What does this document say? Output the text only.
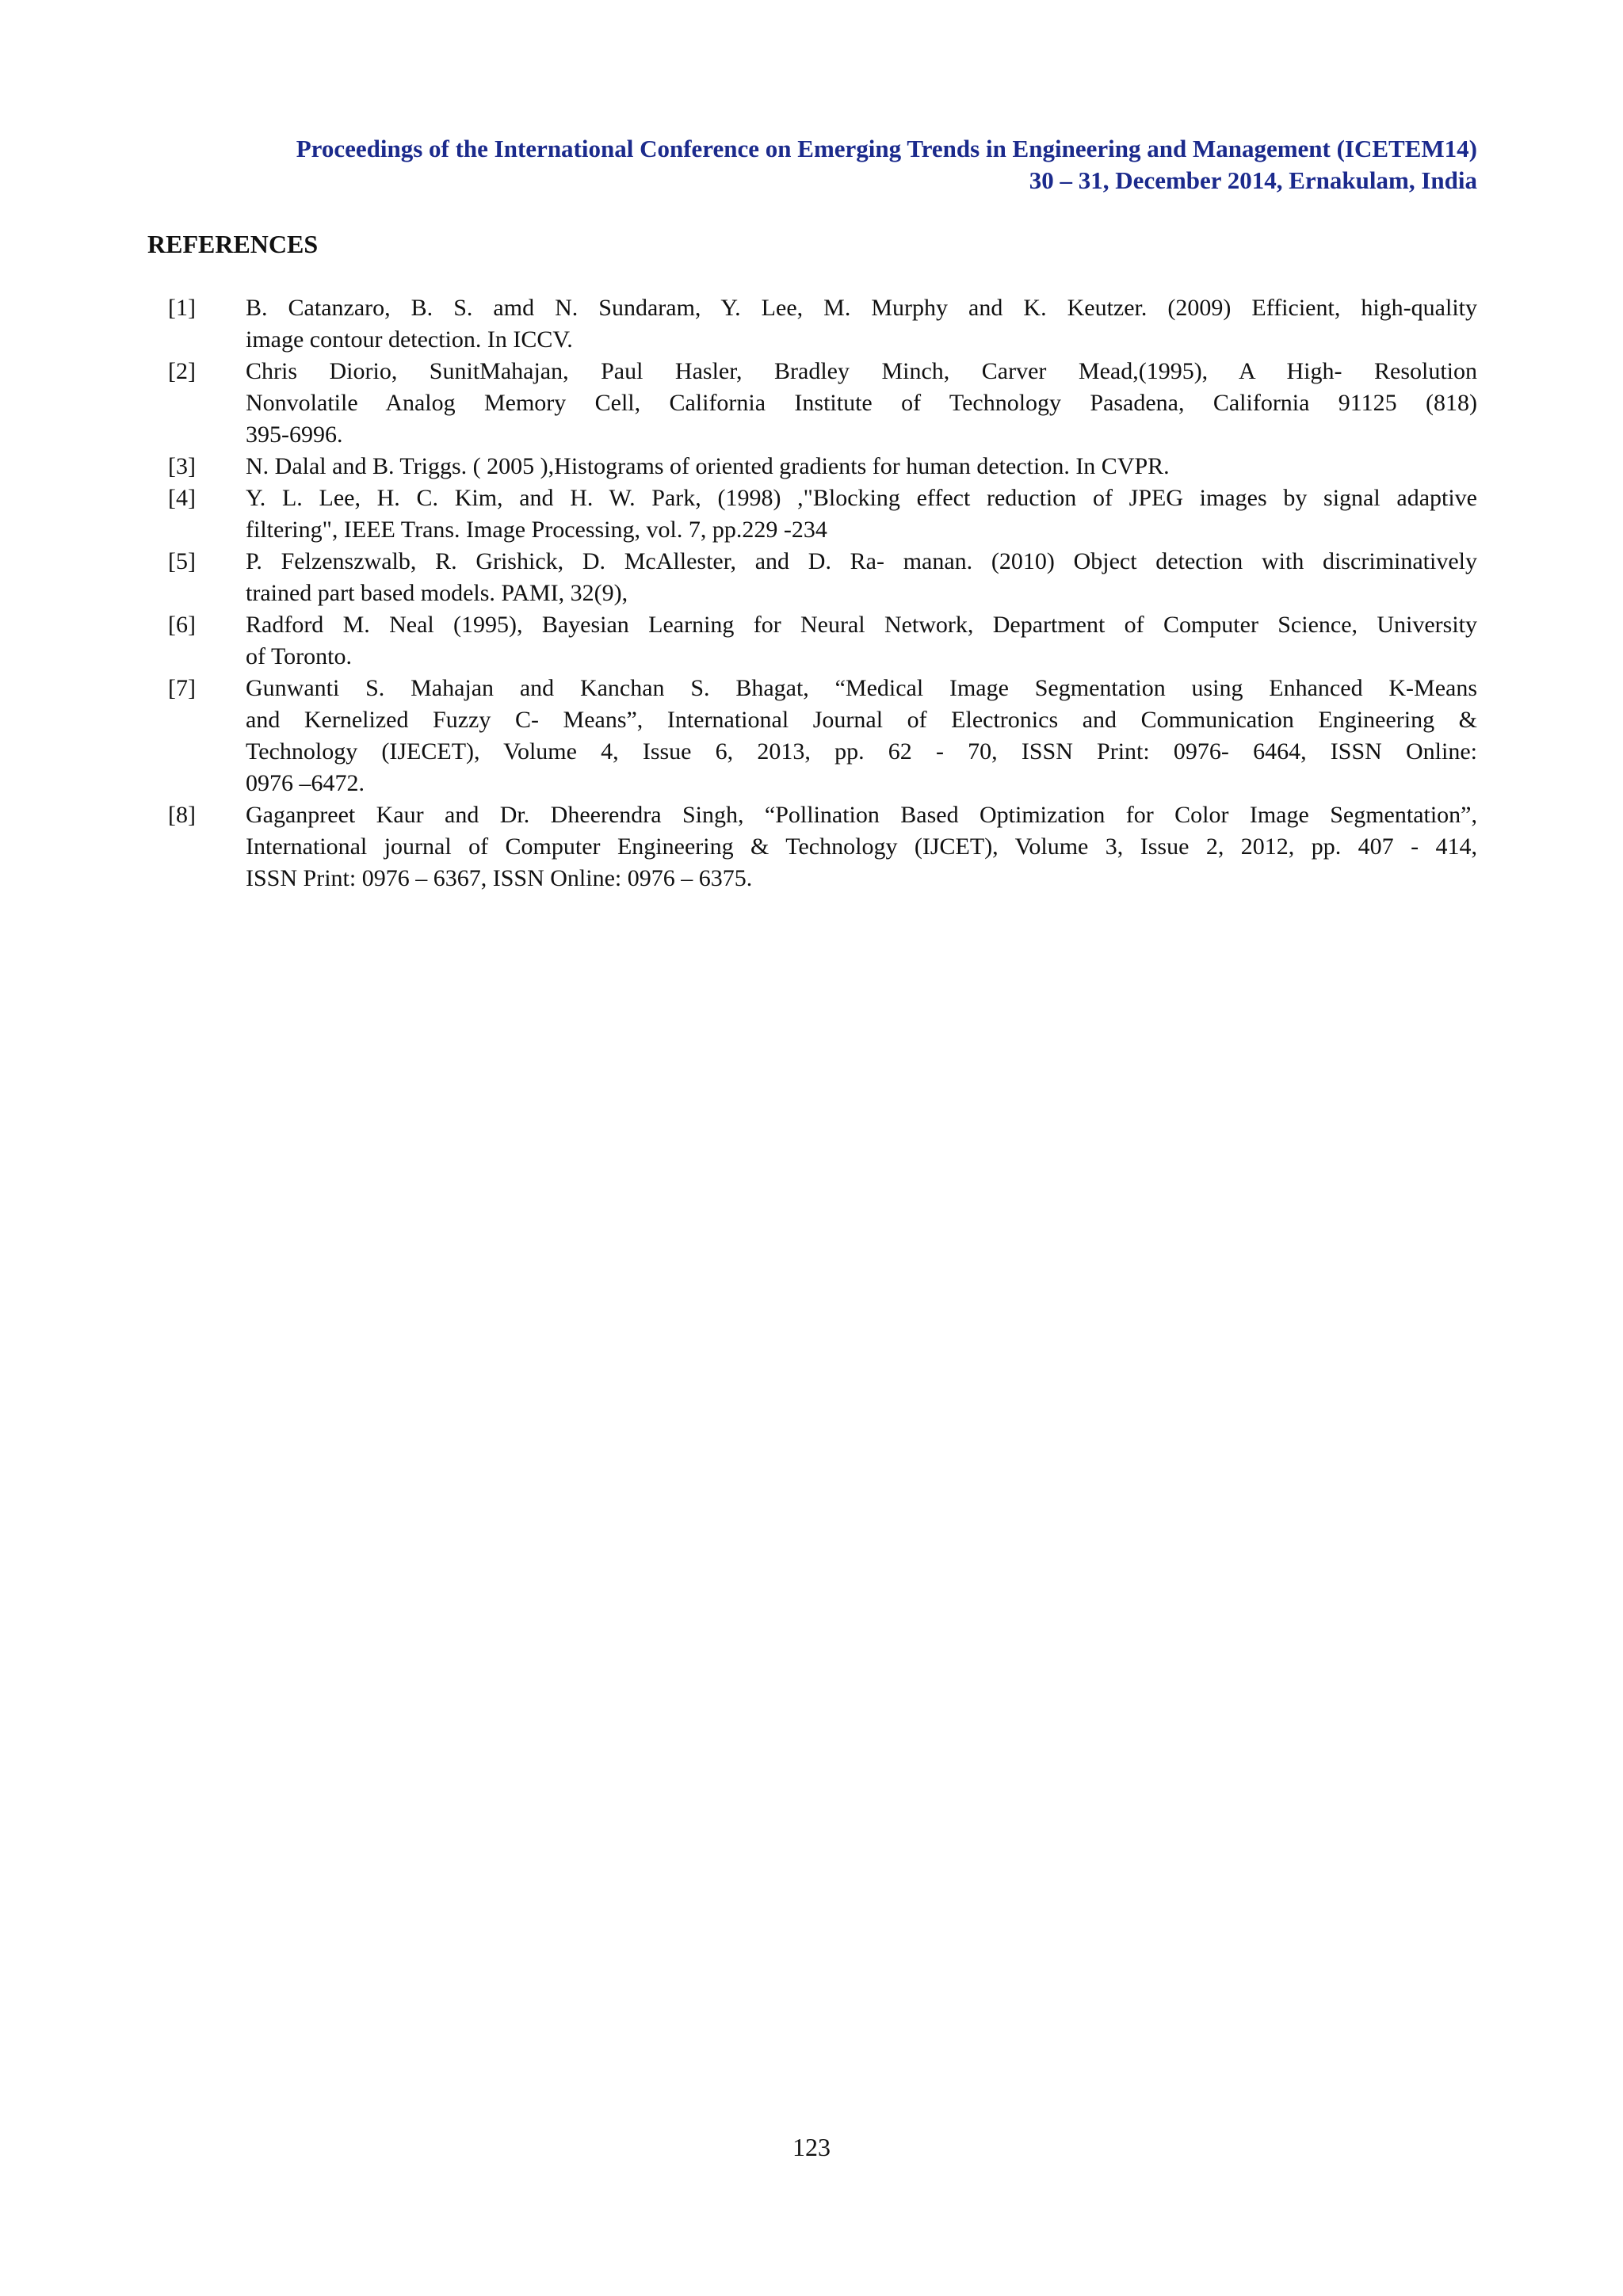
Proceedings of the International Conference on Emerging Trends in Engineering and Management (ICETEM14)
30 – 31, December 2014, Ernakulam, India
REFERENCES
[1] B. Catanzaro, B. S. amd N. Sundaram, Y. Lee, M. Murphy and K. Keutzer. (2009) Efficient, high-quality
image contour detection. In ICCV.
[2] Chris Diorio, SunitMahajan, Paul Hasler, Bradley Minch, Carver Mead,(1995), A High- Resolution
Nonvolatile Analog Memory Cell, California Institute of Technology Pasadena, California 91125 (818)
395-6996.
[3] N. Dalal and B. Triggs. ( 2005 ),Histograms of oriented gradients for human detection. In CVPR.
[4] Y. L. Lee, H. C. Kim, and H. W. Park, (1998) ,"Blocking effect reduction of JPEG images by signal adaptive
filtering", IEEE Trans. Image Processing, vol. 7, pp.229 -234
[5] P. Felzenszwalb, R. Grishick, D. McAllester, and D. Ra- manan. (2010) Object detection with discriminatively
trained part based models. PAMI, 32(9),
[6] Radford M. Neal (1995), Bayesian Learning for Neural Network, Department of Computer Science, University
of Toronto.
[7] Gunwanti S. Mahajan and Kanchan S. Bhagat, “Medical Image Segmentation using Enhanced K-Means
and Kernelized Fuzzy C- Means”, International Journal of Electronics and Communication Engineering &
Technology (IJECET), Volume 4, Issue 6, 2013, pp. 62 - 70, ISSN Print: 0976- 6464, ISSN Online:
0976 –6472.
[8] Gaganpreet Kaur and Dr. Dheerendra Singh, “Pollination Based Optimization for Color Image Segmentation”,
International journal of Computer Engineering & Technology (IJCET), Volume 3, Issue 2, 2012, pp. 407 - 414,
ISSN Print: 0976 – 6367, ISSN Online: 0976 – 6375.
123
